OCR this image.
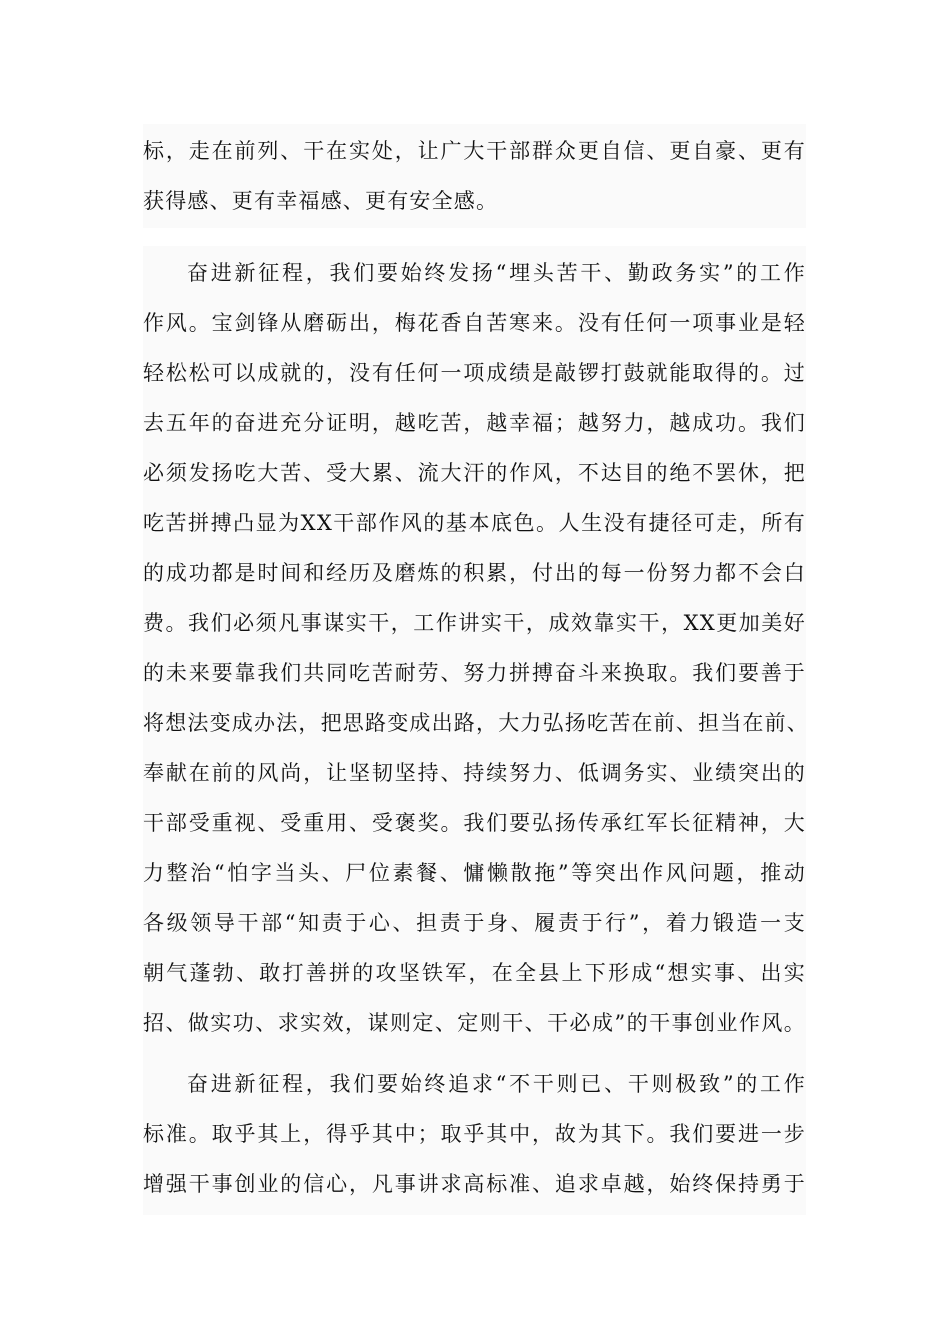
标，走在前列、干在实处，让广大干部群众更自信、更自豪、更有
获得感、更有幸福感、更有安全感。
奋进新征程，我们要始终发扬“埋头苦干、勤政务实”的工作
作风。宝剑锋从磨砺出，梅花香自苦寒来。没有任何一项事业是轻
轻松松可以成就的，没有任何一项成绩是敲锣打鼓就能取得的。过
去五年的奋进充分证明，越吃苦，越幸福；越努力，越成功。我们
必须发扬吃大苦、受大累、流大汗的作风，不达目的绝不罢休，把
吃苦拼搏凸显为XX干部作风的基本底色。人生没有捷径可走，所有
的成功都是时间和经历及磨炼的积累，付出的每一份努力都不会白
费。我们必须凡事谋实干，工作讲实干，成效靠实干，XX更加美好
的未来要靠我们共同吃苦耐劳、努力拼搏奋斗来换取。我们要善于
将想法变成办法，把思路变成出路，大力弘扬吃苦在前、担当在前、
奉献在前的风尚，让坚韧坚持、持续努力、低调务实、业绩突出的
干部受重视、受重用、受褒奖。我们要弘扬传承红军长征精神，大
力整治“怕字当头、尸位素餐、慵懒散拖”等突出作风问题，推动
各级领导干部“知责于心、担责于身、履责于行”，着力锻造一支
朝气蓬勃、敢打善拼的攻坚铁军，在全县上下形成“想实事、出实
招、做实功、求实效，谋则定、定则干、干必成”的干事创业作风。
奋进新征程，我们要始终追求“不干则已、干则极致”的工作
标准。取乎其上，得乎其中；取乎其中，故为其下。我们要进一步
增强干事创业的信心，凡事讲求高标准、追求卓越，始终保持勇于
